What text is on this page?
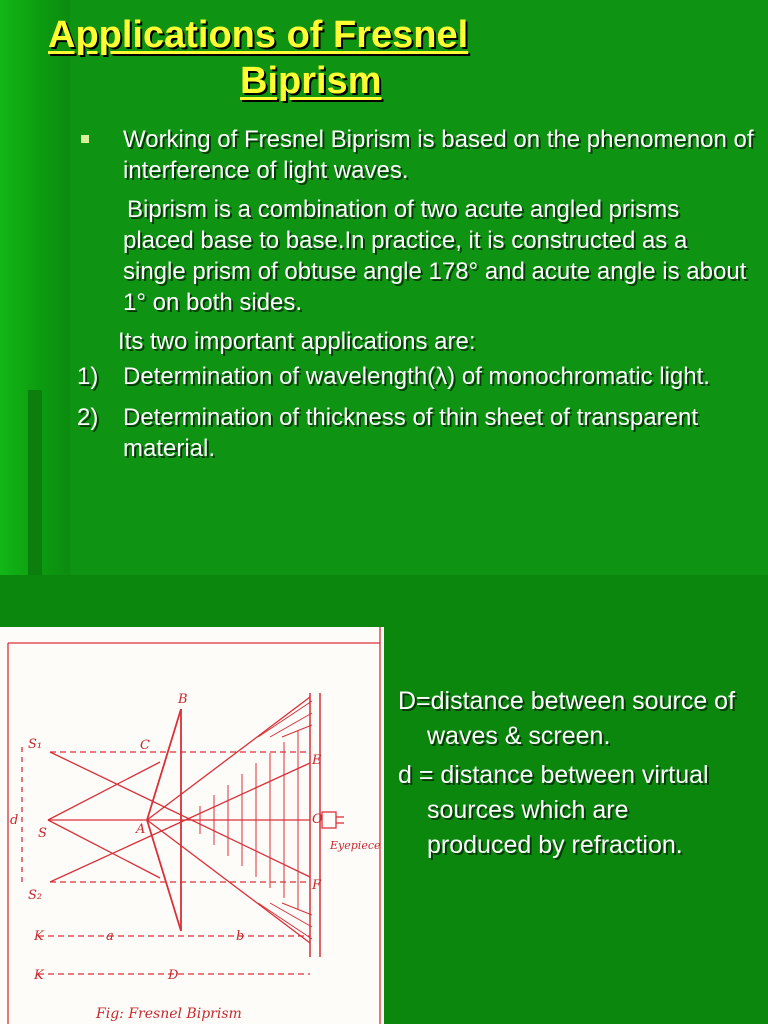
Applications of Fresnel
Biprism

Working of Fresnel Biprism is based on the phenomenon of interference of light waves.

Biprism is a combination of two acute angled prisms placed base to base.In practice, it is constructed as a single prism of obtuse angle 178° and acute angle is about 1° on both sides.

Its two important applications are:

1) Determination of wavelength(λ) of monochromatic light.

2) Determination of thickness of thin sheet of transparent material.

S₁
S
S₂
d
B
A
C
E
O
F
Eyepiece
K	a	b
K	D
Fig: Fresnel Biprism

D=distance between source of waves & screen.

d = distance between virtual sources which are produced by refraction.
